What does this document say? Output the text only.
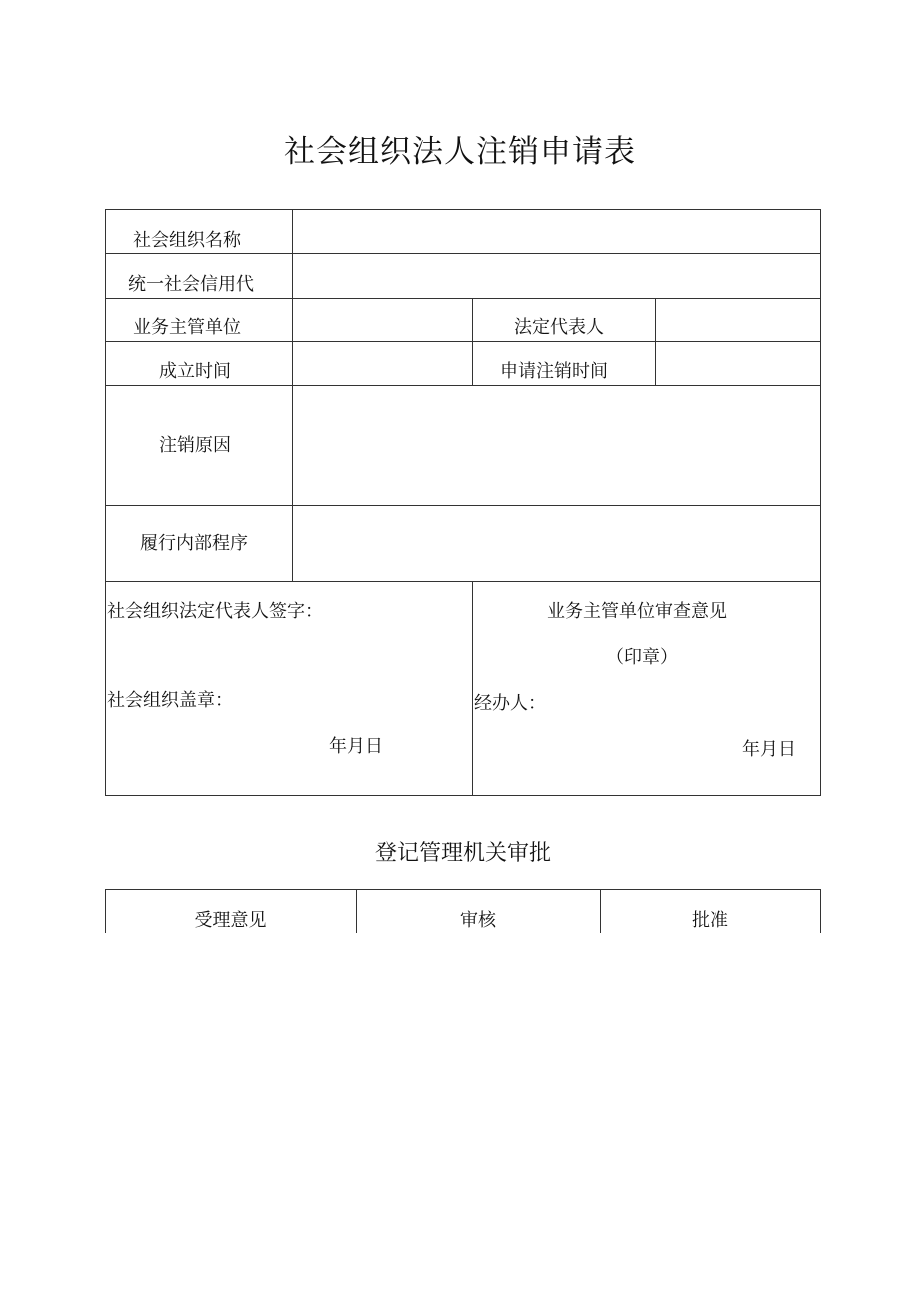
社会组织法人注销申请表
社会组织名称
统一社会信用代
业务主管单位	法定代表人
成立时间	申请注销时间
注销原因
履行内部程序
社会组织法定代表人签字：
社会组织盖章：
年月日
业务主管单位审查意见
（印章）
经办人：
年月日
登记管理机关审批
受理意见	审核	批准
